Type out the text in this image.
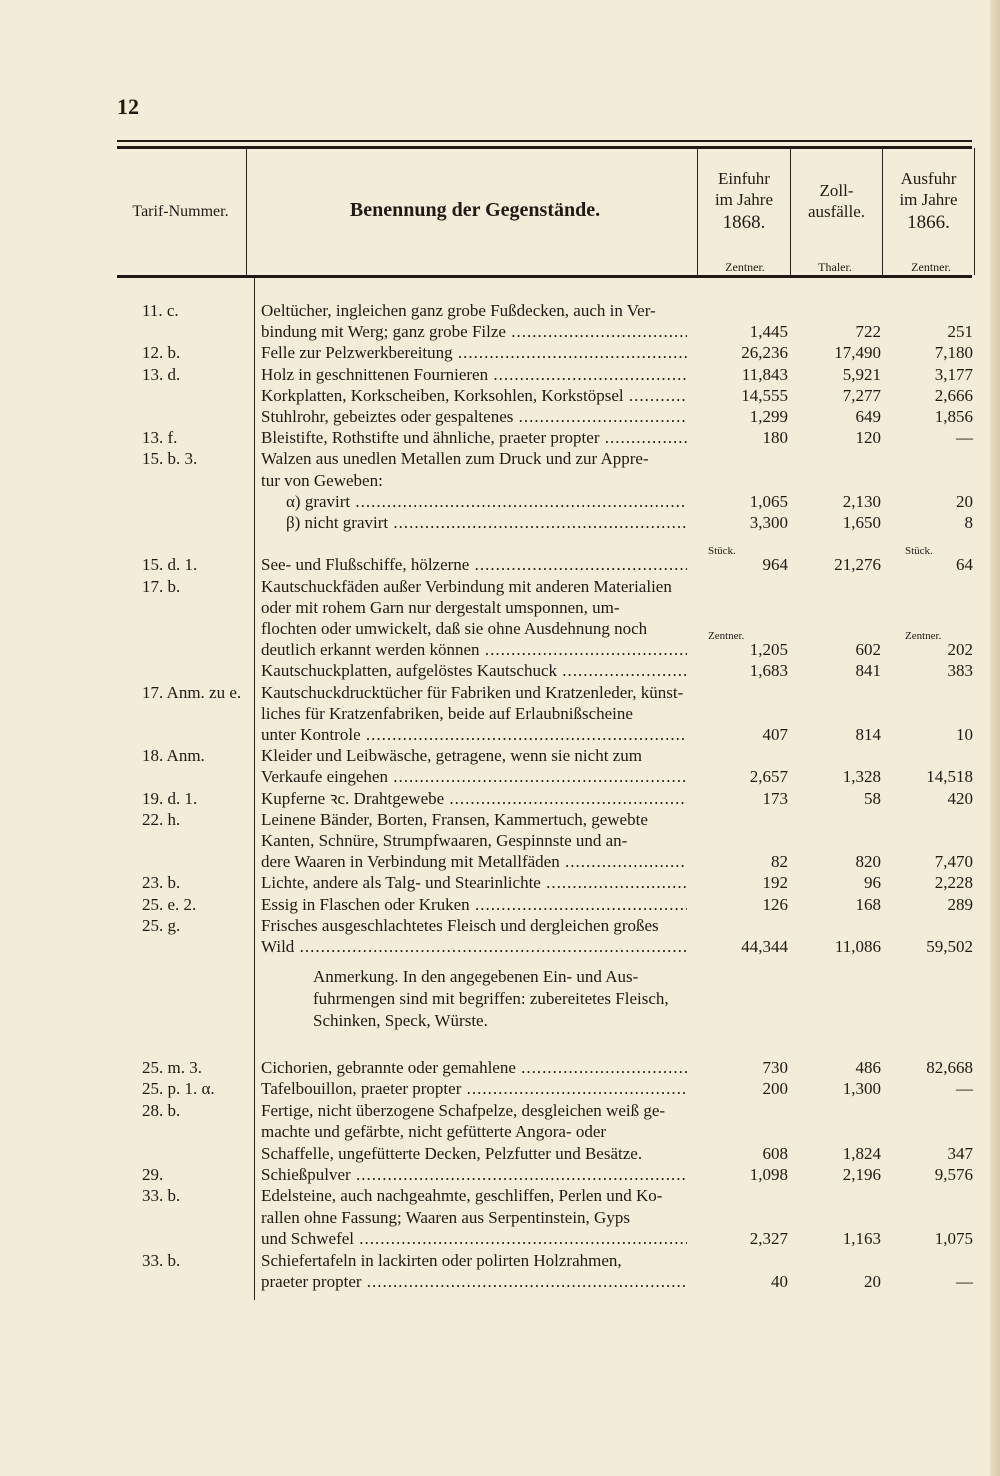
12
Tarif-Nummer.	Benennung der Gegenstände.
Einfuhr
im Jahre
1868.
Zoll-
ausfälle.
Ausfuhr
im Jahre
1866.
Zentner.	Thaler.	Zentner.
11. c.	Oeltücher, ingleichen ganz grobe Fußdecken, auch in Ver-
bindung mit Werg; ganz grobe Filze .....	1,445	722	251
12. b.	Felle zur Pelzwerkbereitung .....	26,236	17,490	7,180
13. d.	Holz in geschnittenen Fournieren .....	11,843	5,921	3,177
Korkplatten, Korkscheiben, Korksohlen, Korkstöpsel .....	14,555	7,277	2,666
Stuhlrohr, gebeiztes oder gespaltenes .....	1,299	649	1,856
13. f.	Bleistifte, Rothstifte und ähnliche, praeter propter .....	180	120	—
15. b. 3.	Walzen aus unedlen Metallen zum Druck und zur Appre-
tur von Geweben:
α) gravirt .....	1,065	2,130	20
β) nicht gravirt .....	3,300	1,650	8
Stück.	Stück.
15. d. 1.	See- und Flußschiffe, hölzerne .....	964	21,276	64
17. b.	Kautschuckfäden außer Verbindung mit anderen Materialien
oder mit rohem Garn nur dergestalt umsponnen, um-
flochten oder umwickelt, daß sie ohne Ausdehnung noch	Zentner.	Zentner.
deutlich erkannt werden können .....	1,205	602	202
Kautschuckplatten, aufgelöstes Kautschuck .....	1,683	841	383
17. Anm. zu e.	Kautschuckdrucktücher für Fabriken und Kratzenleder, künst-
liches für Kratzenfabriken, beide auf Erlaubnißscheine
unter Kontrole .....	407	814	10
18. Anm.	Kleider und Leibwäsche, getragene, wenn sie nicht zum
Verkaufe eingehen .....	2,657	1,328	14,518
19. d. 1.	Kupferne ꝛc. Drahtgewebe .....	173	58	420
22. h.	Leinene Bänder, Borten, Fransen, Kammertuch, gewebte
Kanten, Schnüre, Strumpfwaaren, Gespinnste und an-
dere Waaren in Verbindung mit Metallfäden .....	82	820	7,470
23. b.	Lichte, andere als Talg- und Stearinlichte .....	192	96	2,228
25. e. 2.	Essig in Flaschen oder Kruken .....	126	168	289
25. g.	Frisches ausgeschlachtetes Fleisch und dergleichen großes
Wild .....	44,344	11,086	59,502
Anmerkung. In den angegebenen Ein- und Aus-fuhrmengen sind mit begriffen: zubereitetes Fleisch, Schinken, Speck, Würste.
25. m. 3.	Cichorien, gebrannte oder gemahlene .....	730	486	82,668
25. p. 1. α.	Tafelbouillon, praeter propter .....	200	1,300	—
28. b.	Fertige, nicht überzogene Schafpelze, desgleichen weiß ge-
machte und gefärbte, nicht gefütterte Angora- oder
Schaffelle, ungefütterte Decken, Pelzfutter und Besätze.	608	1,824	347
29.	Schießpulver .....	1,098	2,196	9,576
33. b.	Edelsteine, auch nachgeahmte, geschliffen, Perlen und Ko-
rallen ohne Fassung; Waaren aus Serpentinstein, Gyps
und Schwefel .....	2,327	1,163	1,075
33. b.	Schiefertafeln in lackirten oder polirten Holzrahmen,
praeter propter .....	40	20	—
